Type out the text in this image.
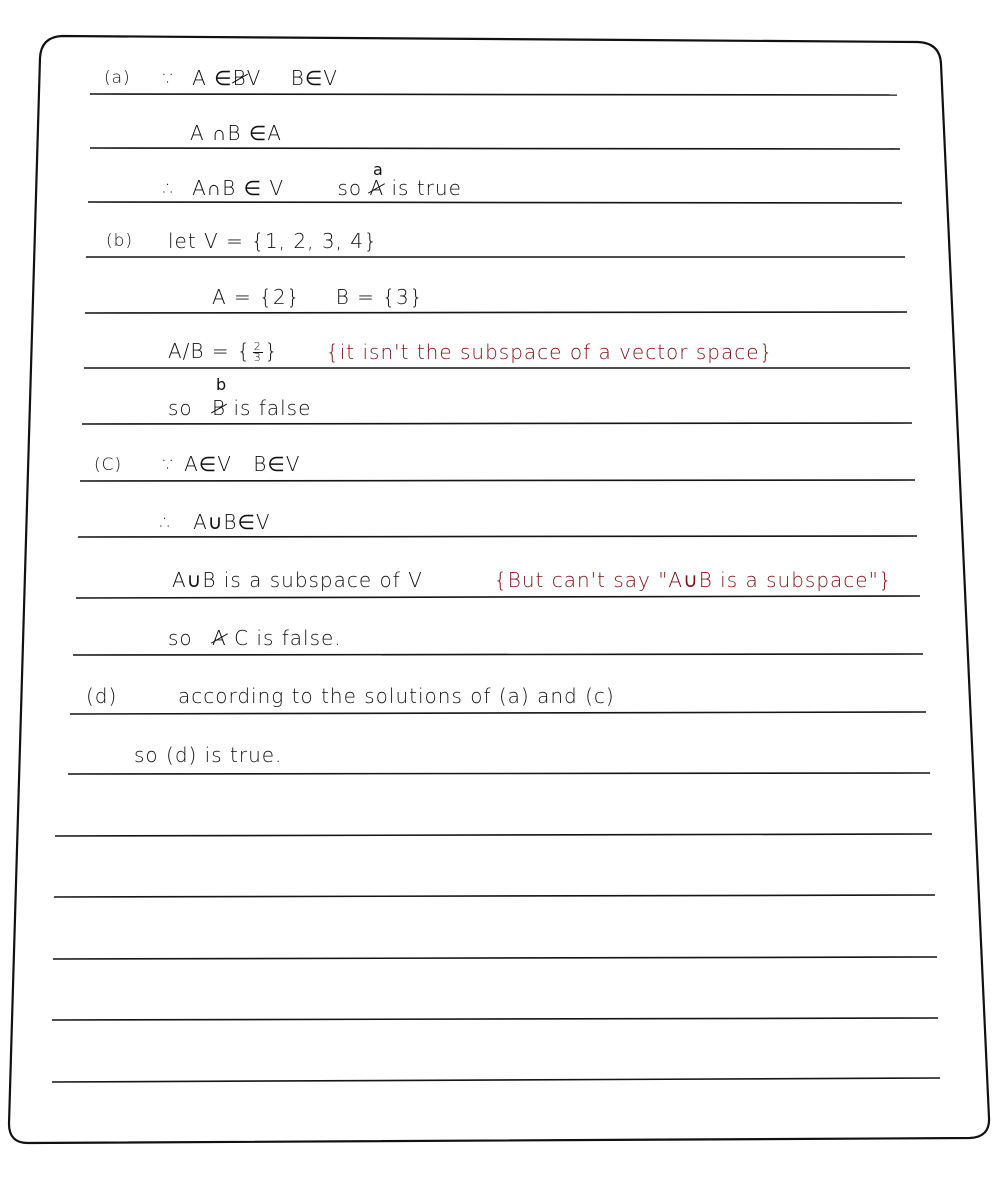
(a) ∵ A ∈BV B∈V
A ∩B ∈A
∴ A∩B ∈ V	so A is true
a
(b) let V = {1, 2, 3, 4}
A = {2} B = {3}
A/B = { $\frac{2}{3}$ } {it isn't the subspace of a vector space}
b
so B is false
(C) ∵ A∈V B∈V
∴ A∪B∈V
A∪B is a subspace of V	{But can't say "A∪B is a subspace"}
so A C is false.
(d)	according to the solutions of (a) and (c)
so (d) is true.
